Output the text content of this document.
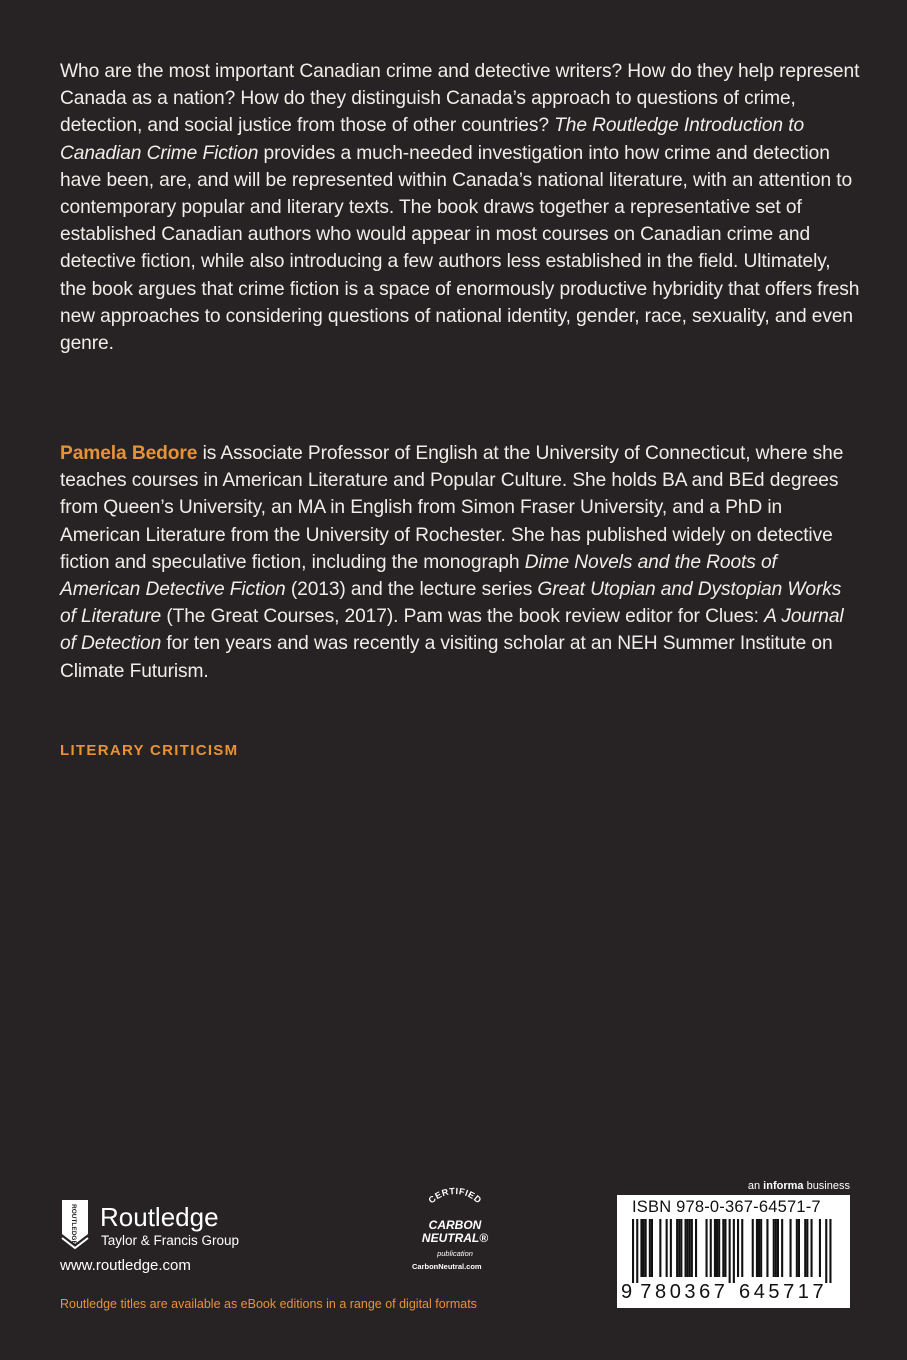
Who are the most important Canadian crime and detective writers? How do they help represent Canada as a nation? How do they distinguish Canada’s approach to questions of crime, detection, and social justice from those of other countries? The Routledge Introduction to Canadian Crime Fiction provides a much-needed investigation into how crime and detection have been, are, and will be represented within Canada’s national literature, with an attention to contemporary popular and literary texts. The book draws together a representative set of established Canadian authors who would appear in most courses on Canadian crime and detective fiction, while also introducing a few authors less established in the field. Ultimately, the book argues that crime fiction is a space of enormously productive hybridity that offers fresh new approaches to considering questions of national identity, gender, race, sexuality, and even genre.

Pamela Bedore is Associate Professor of English at the University of Connecticut, where she teaches courses in American Literature and Popular Culture. She holds BA and BEd degrees from Queen’s University, an MA in English from Simon Fraser University, and a PhD in American Literature from the University of Rochester. She has published widely on detective fiction and speculative fiction, including the monograph Dime Novels and the Roots of American Detective Fiction (2013) and the lecture series Great Utopian and Dystopian Works of Literature (The Great Courses, 2017). Pam was the book review editor for Clues: A Journal of Detection for ten years and was recently a visiting scholar at an NEH Summer Institute on Climate Futurism.

LITERARY CRITICISM
ROUTLEDGE Routledge
Taylor & Francis Group
www.routledge.com
CERTIFIED
CARBON
NEUTRAL®
publication
CarbonNeutral.com
an informa business
ISBN 978-0-367-64571-7
9 7 8 0 3 6 7 6 4 5 7 1 7
Routledge titles are available as eBook editions in a range of digital formats
